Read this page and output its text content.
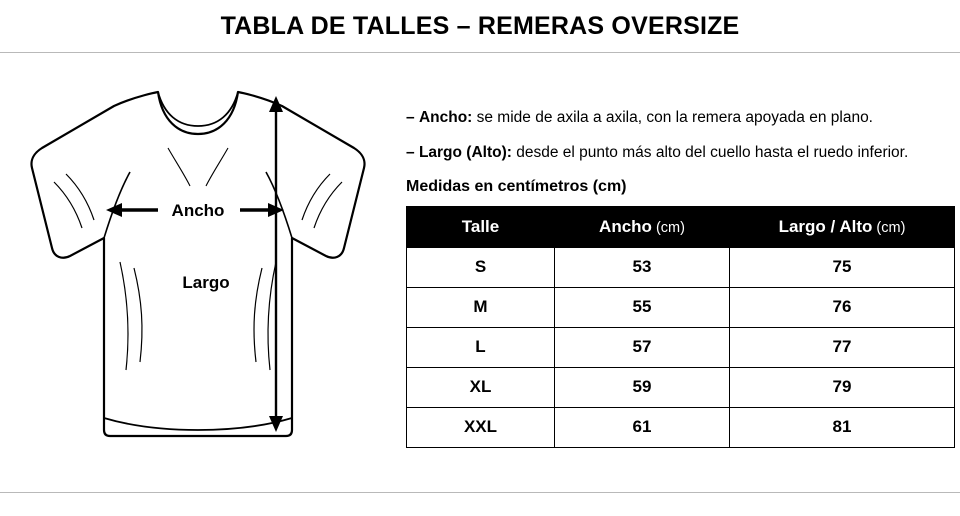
TABLA DE TALLES – REMERAS OVERSIZE
Ancho
Largo
– Ancho: se mide de axila a axila, con la remera apoyada en plano.
– Largo (Alto): desde el punto más alto del cuello hasta el ruedo inferior.
Medidas en centímetros (cm)
Talle	Ancho (cm)	Largo / Alto (cm)
S	53	75
M	55	76
L	57	77
XL	59	79
XXL	61	81
